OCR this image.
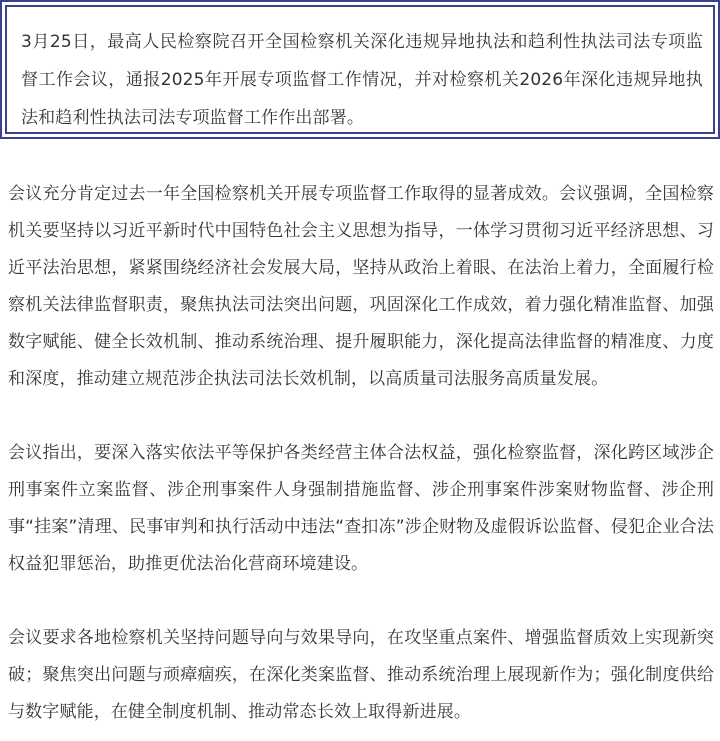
3月25日，最高人民检察院召开全国检察机关深化违规异地执法和趋利性执法司法专项监督工作会议，通报2025年开展专项监督工作情况，并对检察机关2026年深化违规异地执法和趋利性执法司法专项监督工作作出部署。

会议充分肯定过去一年全国检察机关开展专项监督工作取得的显著成效。会议强调，全国检察机关要坚持以习近平新时代中国特色社会主义思想为指导，一体学习贯彻习近平经济思想、习近平法治思想，紧紧围绕经济社会发展大局，坚持从政治上着眼、在法治上着力，全面履行检察机关法律监督职责，聚焦执法司法突出问题，巩固深化工作成效，着力强化精准监督、加强数字赋能、健全长效机制、推动系统治理、提升履职能力，深化提高法律监督的精准度、力度和深度，推动建立规范涉企执法司法长效机制，以高质量司法服务高质量发展。

会议指出，要深入落实依法平等保护各类经营主体合法权益，强化检察监督，深化跨区域涉企刑事案件立案监督、涉企刑事案件人身强制措施监督、涉企刑事案件涉案财物监督、涉企刑事“挂案”清理、民事审判和执行活动中违法“查扣冻”涉企财物及虚假诉讼监督、侵犯企业合法权益犯罪惩治，助推更优法治化营商环境建设。

会议要求各地检察机关坚持问题导向与效果导向，在攻坚重点案件、增强监督质效上实现新突破；聚焦突出问题与顽瘴痼疾，在深化类案监督、推动系统治理上展现新作为；强化制度供给与数字赋能，在健全制度机制、推动常态长效上取得新进展。
